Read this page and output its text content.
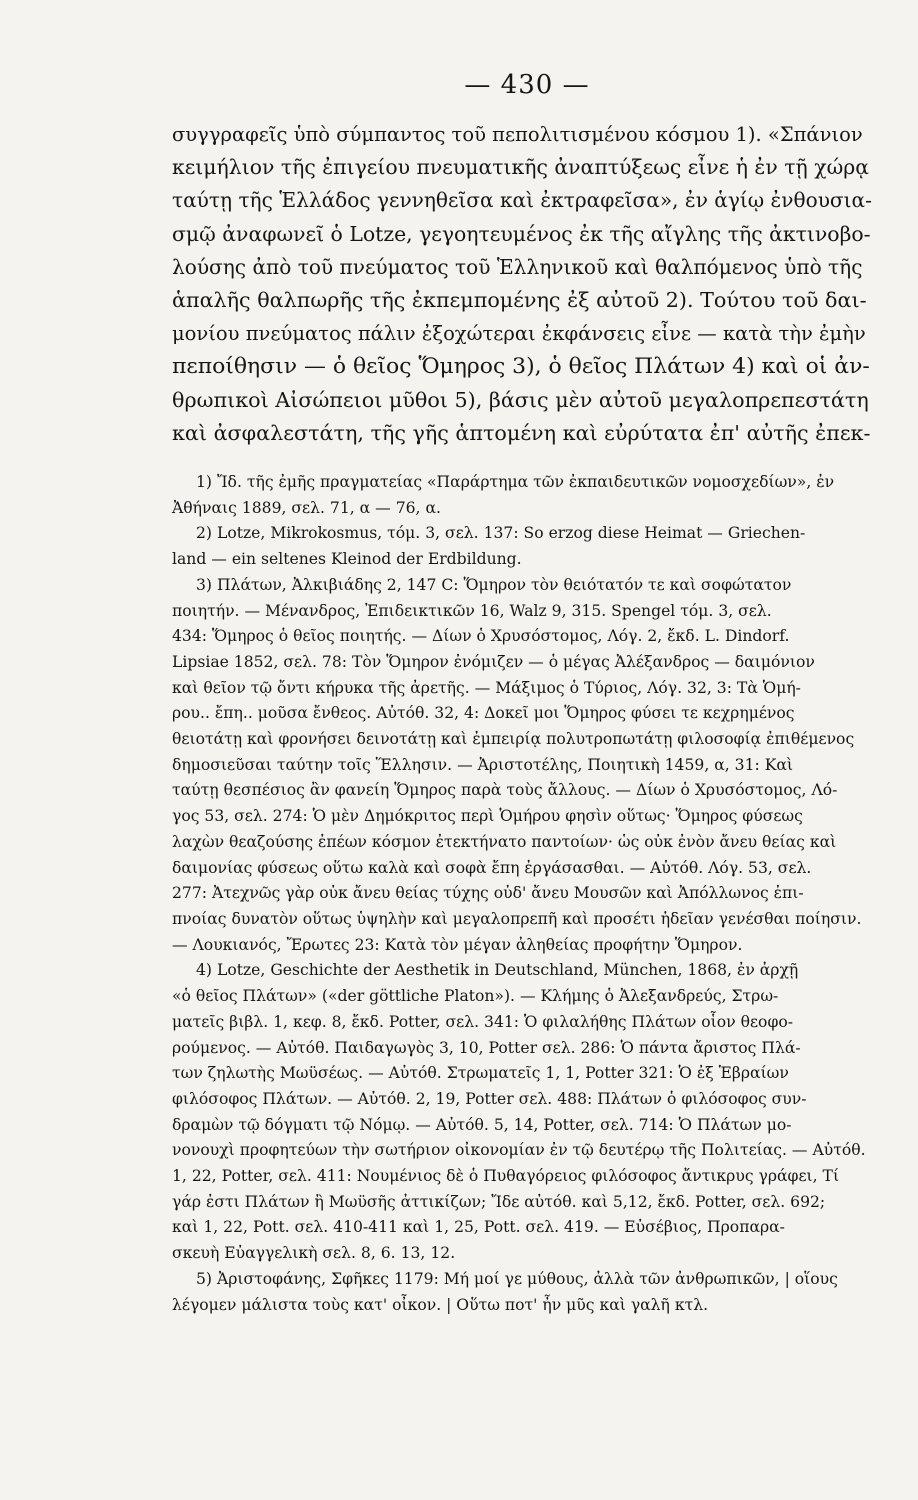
— 430 —
συγγραφεῖς ὑπὸ σύμπαντος τοῦ πεπολιτισμένου κόσμου 1). «Σπάνιον
κειμήλιον τῆς ἐπιγείου πνευματικῆς ἀναπτύξεως εἶνε ἡ ἐν τῇ χώρᾳ
ταύτῃ τῆς Ἑλλάδος γεννηθεῖσα καὶ ἐκτραφεῖσα», ἐν ἁγίῳ ἐνθουσια-
σμῷ ἀναφωνεῖ ὁ Lotze, γεγοητευμένος ἐκ τῆς αἴγλης τῆς ἀκτινοβο-
λούσης ἀπὸ τοῦ πνεύματος τοῦ Ἑλληνικοῦ καὶ θαλπόμενος ὑπὸ τῆς
ἁπαλῆς θαλπωρῆς τῆς ἐκπεμπομένης ἐξ αὐτοῦ 2). Τούτου τοῦ δαι-
μονίου πνεύματος πάλιν ἐξοχώτεραι ἐκφάνσεις εἶνε — κατὰ τὴν ἐμὴν
πεποίθησιν — ὁ θεῖος Ὅμηρος 3), ὁ θεῖος Πλάτων 4) καὶ οἱ ἀν-
θρωπικοὶ Αἰσώπειοι μῦθοι 5), βάσις μὲν αὐτοῦ μεγαλοπρεπεστάτη
καὶ ἀσφαλεστάτη, τῆς γῆς ἁπτομένη καὶ εὐρύτατα ἐπ' αὐτῆς ἐπεκ-
1) Ἴδ. τῆς ἐμῆς πραγματείας «Παράρτημα τῶν ἐκπαιδευτικῶν νομοσχεδίων», ἐν
Ἀθήναις 1889, σελ. 71, α — 76, α.
2) Lotze, Mikrokosmus, τόμ. 3, σελ. 137: So erzog diese Heimat — Griechen-
land — ein seltenes Kleinod der Erdbildung.
3) Πλάτων, Ἀλκιβιάδης 2, 147 C: Ὅμηρον τὸν θειότατόν τε καὶ σοφώτατον
ποιητήν. — Μένανδρος, Ἐπιδεικτικῶν 16, Walz 9, 315. Spengel τόμ. 3, σελ.
434: Ὅμηρος ὁ θεῖος ποιητής. — Δίων ὁ Χρυσόστομος, Λόγ. 2, ἔκδ. L. Dindorf.
Lipsiae 1852, σελ. 78: Τὸν Ὅμηρον ἐνόμιζεν — ὁ μέγας Ἀλέξανδρος — δαιμόνιον
καὶ θεῖον τῷ ὄντι κήρυκα τῆς ἀρετῆς. — Μάξιμος ὁ Τύριος, Λόγ. 32, 3: Τὰ Ὁμή-
ρου.. ἔπη.. μοῦσα ἔνθεος. Αὐτόθ. 32, 4: Δοκεῖ μοι Ὅμηρος φύσει τε κεχρημένος
θειοτάτῃ καὶ φρονήσει δεινοτάτῃ καὶ ἐμπειρίᾳ πολυτροπωτάτῃ φιλοσοφίᾳ ἐπιθέμενος
δημοσιεῦσαι ταύτην τοῖς Ἕλλησιν. — Ἀριστοτέλης, Ποιητικὴ 1459, α, 31: Καὶ
ταύτῃ θεσπέσιος ἂν φανείη Ὅμηρος παρὰ τοὺς ἄλλους. — Δίων ὁ Χρυσόστομος, Λό-
γος 53, σελ. 274: Ὁ μὲν Δημόκριτος περὶ Ὁμήρου φησὶν οὕτως· Ὅμηρος φύσεως
λαχὼν θεαζούσης ἐπέων κόσμον ἐτεκτήνατο παντοίων· ὡς οὐκ ἐνὸν ἄνευ θείας καὶ
δαιμονίας φύσεως οὕτω καλὰ καὶ σοφὰ ἔπη ἐργάσασθαι. — Αὐτόθ. Λόγ. 53, σελ.
277: Ἀτεχνῶς γὰρ οὐκ ἄνευ θείας τύχης οὐδ' ἄνευ Μουσῶν καὶ Ἀπόλλωνος ἐπι-
πνοίας δυνατὸν οὕτως ὑψηλὴν καὶ μεγαλοπρεπῆ καὶ προσέτι ἡδεῖαν γενέσθαι ποίησιν.
— Λουκιανός, Ἔρωτες 23: Κατὰ τὸν μέγαν ἀληθείας προφήτην Ὅμηρον.
4) Lotze, Geschichte der Aesthetik in Deutschland, München, 1868, ἐν ἀρχῇ
«ὁ θεῖος Πλάτων» («der göttliche Platon»). — Κλήμης ὁ Ἀλεξανδρεύς, Στρω-
ματεῖς βιβλ. 1, κεφ. 8, ἔκδ. Potter, σελ. 341: Ὁ φιλαλήθης Πλάτων οἷον θεοφο-
ρούμενος. — Αὐτόθ. Παιδαγωγὸς 3, 10, Potter σελ. 286: Ὁ πάντα ἄριστος Πλά-
των ζηλωτὴς Μωϋσέως. — Αὐτόθ. Στρωματεῖς 1, 1, Potter 321: Ὁ ἐξ Ἑβραίων
φιλόσοφος Πλάτων. — Αὐτόθ. 2, 19, Potter σελ. 488: Πλάτων ὁ φιλόσοφος συν-
δραμὼν τῷ δόγματι τῷ Νόμῳ. — Αὐτόθ. 5, 14, Potter, σελ. 714: Ὁ Πλάτων μο-
νονουχὶ προφητεύων τὴν σωτήριον οἰκονομίαν ἐν τῷ δευτέρῳ τῆς Πολιτείας. — Αὐτόθ.
1, 22, Potter, σελ. 411: Νουμένιος δὲ ὁ Πυθαγόρειος φιλόσοφος ἄντικρυς γράφει, Τί
γάρ ἐστι Πλάτων ἢ Μωϋσῆς ἀττικίζων; Ἴδε αὐτόθ. καὶ 5,12, ἔκδ. Potter, σελ. 692;
καὶ 1, 22, Pott. σελ. 410-411 καὶ 1, 25, Pott. σελ. 419. — Εὐσέβιος, Προπαρα-
σκευὴ Εὐαγγελικὴ σελ. 8, 6. 13, 12.
5) Ἀριστοφάνης, Σφῆκες 1179: Μή μοί γε μύθους, ἀλλὰ τῶν ἀνθρωπικῶν, | οἵους
λέγομεν μάλιστα τοὺς κατ' οἶκον. | Οὕτω ποτ' ἦν μῦς καὶ γαλῆ κτλ.
